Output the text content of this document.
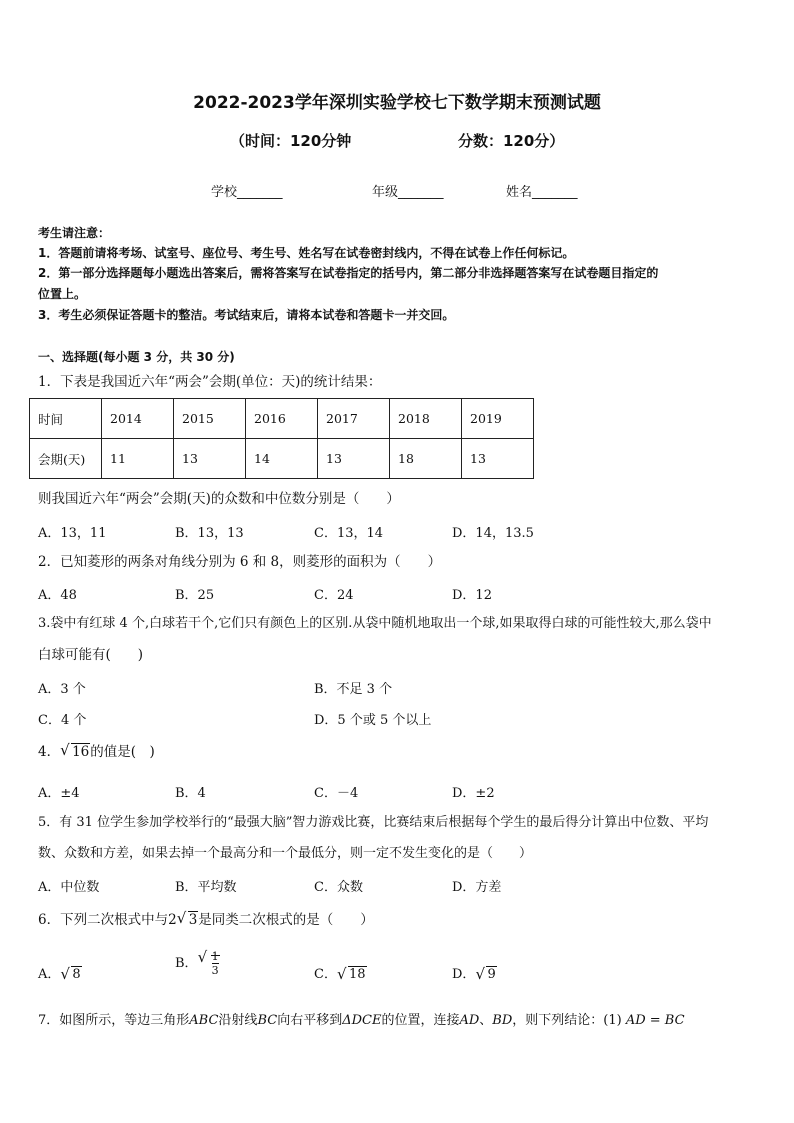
2022-2023学年深圳实验学校七下数学期末预测试题
（时间：120分钟	分数：120分）
学校_______	年级_______	姓名_______
考生请注意：
1．答题前请将考场、试室号、座位号、考生号、姓名写在试卷密封线内，不得在试卷上作任何标记。
2．第一部分选择题每小题选出答案后，需将答案写在试卷指定的括号内，第二部分非选择题答案写在试卷题目指定的
位置上。
3．考生必须保证答题卡的整洁。考试结束后，请将本试卷和答题卡一并交回。
一、选择题(每小题 3 分，共 30 分)
1．下表是我国近六年“两会”会期(单位：天)的统计结果：
时间	2014	2015	2016	2017	2018	2019
会期(天)	11	13	14	13	18	13
则我国近六年“两会”会期(天)的众数和中位数分别是（　　）
A．13，11	B．13，13	C．13，14	D．14，13.5
2．已知菱形的两条对角线分别为 6 和 8，则菱形的面积为（　　）
A．48	B．25	C．24	D．12
3.袋中有红球 4 个,白球若干个,它们只有颜色上的区别.从袋中随机地取出一个球,如果取得白球的可能性较大,那么袋中
白球可能有(　　)
A．3 个	B．不足 3 个
C．4 个	D．5 个或 5 个以上
4． √ 16的值是(　)
A．±4	B．4	C．－4	D．±2
5．有 31 位学生参加学校举行的“最强大脑”智力游戏比赛，比赛结束后根据每个学生的最后得分计算出中位数、平均
数、众数和方差，如果去掉一个最高分和一个最低分，则一定不发生变化的是（　　）
A．中位数	B．平均数	C．众数	D．方差
6．下列二次根式中与2 √ 3是同类二次根式的是（　　）
A． √ 8
B． √ $\frac{1}{3}$	C． √ 18	D． √ 9
7．如图所示，等边三角形ABC沿射线BC向右平移到ΔDCE的位置，连接AD、BD，则下列结论：(1) AD = BC
